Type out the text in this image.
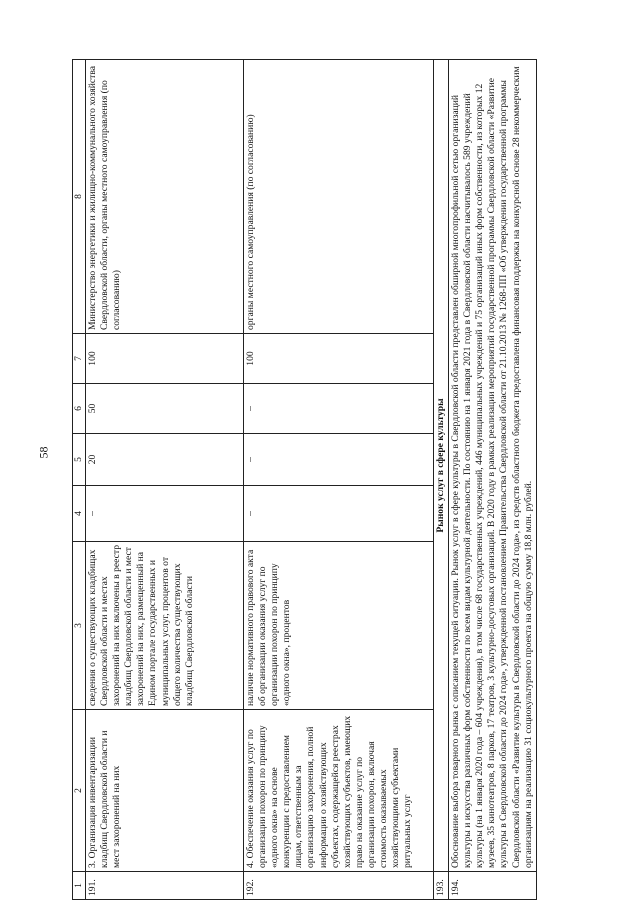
58
1	2	3	4	5	6	7	8
191.	3. Организация инвентаризации кладбищ Свердловской области и мест захоронений на них	сведения о существующих кладбищах Свердловской области и местах захоронений на них включены в реестр кладбищ Свердловской области и мест захоронений на них, размещенный на Едином портале государственных и муниципальных услуг, процентов от общего количества существующих кладбищ Свердловской области	–	20	50	100	Министерство энергетики и жилищно-коммунального хозяйства Свердловской области, органы местного самоуправления (по согласованию)
192.	4. Обеспечение оказания услуг по организации похорон по принципу «одного окна» на основе конкуренции с предоставлением лицам, ответственным за организацию захоронения, полной информации о хозяйствующих субъектах, содержащейся реестрах хозяйствующих субъектов, имеющих право на оказание услуг по организации похорон, включая стоимость оказываемых хозяйствующими субъектами ритуальных услуг	наличие нормативного правового акта об организации оказания услуг по организации похорон по принципу «одного окна», процентов	–	–	–	100	органы местного самоуправления (по согласованию)
193.	Рынок услуг в сфере культуры						
194.	Обоснование выбора товарного рынка с описанием текущей ситуации. Рынок услуг в сфере культуры в Свердловской области представлен обширной многопрофильной сетью организаций культуры и искусства различных форм собственности по всем видам культурной деятельности. По состоянию на 1 января 2021 года в Свердловской области насчитывалось 589 учреждений культуры (на 1 января 2020 года – 604 учреждения), в том числе 68 государственных учреждений, 446 муниципальных учреждений и 75 организаций иных форм собственности, из которых 12 музеев, 35 кинотеатров, 8 парков, 17 театров, 3 культурно-досуговых организаций. В 2020 году в рамках реализации мероприятий государственной программы Свердловской области «Развитие культуры в Свердловской области до 2024 года», утвержденной постановлением Правительства Свердловской области от 21.10.2013 № 1268-ПП «Об утверждении государственной программы Свердловской области «Развитие культуры в Свердловской области до 2024 года», из средств областного бюджета предоставлена финансовая поддержка на конкурсной основе 28 некоммерческим организациям на реализацию 31 социокультурного проекта на общую сумму 18,8 млн. рублей.						
